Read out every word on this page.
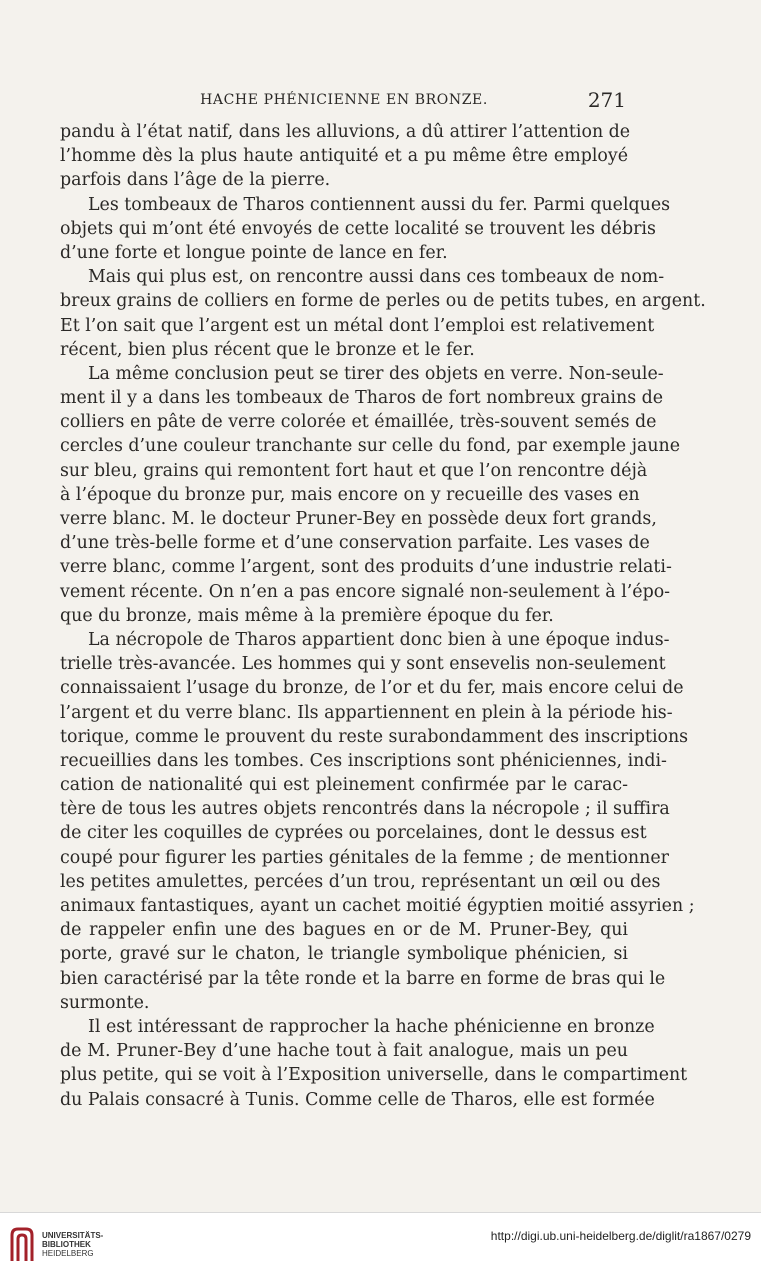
HACHE PHÉNICIENNE EN BRONZE.	271
pandu à l’état natif, dans les alluvions, a dû attirer l’attention de
l’homme dès la plus haute antiquité et a pu même être employé
parfois dans l’âge de la pierre.
Les tombeaux de Tharos contiennent aussi du fer. Parmi quelques
objets qui m’ont été envoyés de cette localité se trouvent les débris
d’une forte et longue pointe de lance en fer.
Mais qui plus est, on rencontre aussi dans ces tombeaux de nom-
breux grains de colliers en forme de perles ou de petits tubes, en argent.
Et l’on sait que l’argent est un métal dont l’emploi est relativement
récent, bien plus récent que le bronze et le fer.
La même conclusion peut se tirer des objets en verre. Non-seule-
ment il y a dans les tombeaux de Tharos de fort nombreux grains de
colliers en pâte de verre colorée et émaillée, très-souvent semés de
cercles d’une couleur tranchante sur celle du fond, par exemple jaune
sur bleu, grains qui remontent fort haut et que l’on rencontre déjà
à l’époque du bronze pur, mais encore on y recueille des vases en
verre blanc. M. le docteur Pruner-Bey en possède deux fort grands,
d’une très-belle forme et d’une conservation parfaite. Les vases de
verre blanc, comme l’argent, sont des produits d’une industrie relati-
vement récente. On n’en a pas encore signalé non-seulement à l’épo-
que du bronze, mais même à la première époque du fer.
La nécropole de Tharos appartient donc bien à une époque indus-
trielle très-avancée. Les hommes qui y sont ensevelis non-seulement
connaissaient l’usage du bronze, de l’or et du fer, mais encore celui de
l’argent et du verre blanc. Ils appartiennent en plein à la période his-
torique, comme le prouvent du reste surabondamment des inscriptions
recueillies dans les tombes. Ces inscriptions sont phéniciennes, indi-
cation de nationalité qui est pleinement confirmée par le carac-
tère de tous les autres objets rencontrés dans la nécropole ; il suffira
de citer les coquilles de cyprées ou porcelaines, dont le dessus est
coupé pour figurer les parties génitales de la femme ; de mentionner
les petites amulettes, percées d’un trou, représentant un œil ou des
animaux fantastiques, ayant un cachet moitié égyptien moitié assyrien ;
de rappeler enfin une des bagues en or de M. Pruner-Bey, qui
porte, gravé sur le chaton, le triangle symbolique phénicien, si
bien caractérisé par la tête ronde et la barre en forme de bras qui le
surmonte.
Il est intéressant de rapprocher la hache phénicienne en bronze
de M. Pruner-Bey d’une hache tout à fait analogue, mais un peu
plus petite, qui se voit à l’Exposition universelle, dans le compartiment
du Palais consacré à Tunis. Comme celle de Tharos, elle est formée
UNIVERSITÄTS-
BIBLIOTHEK
HEIDELBERG
http://digi.ub.uni-heidelberg.de/diglit/ra1867/0279
